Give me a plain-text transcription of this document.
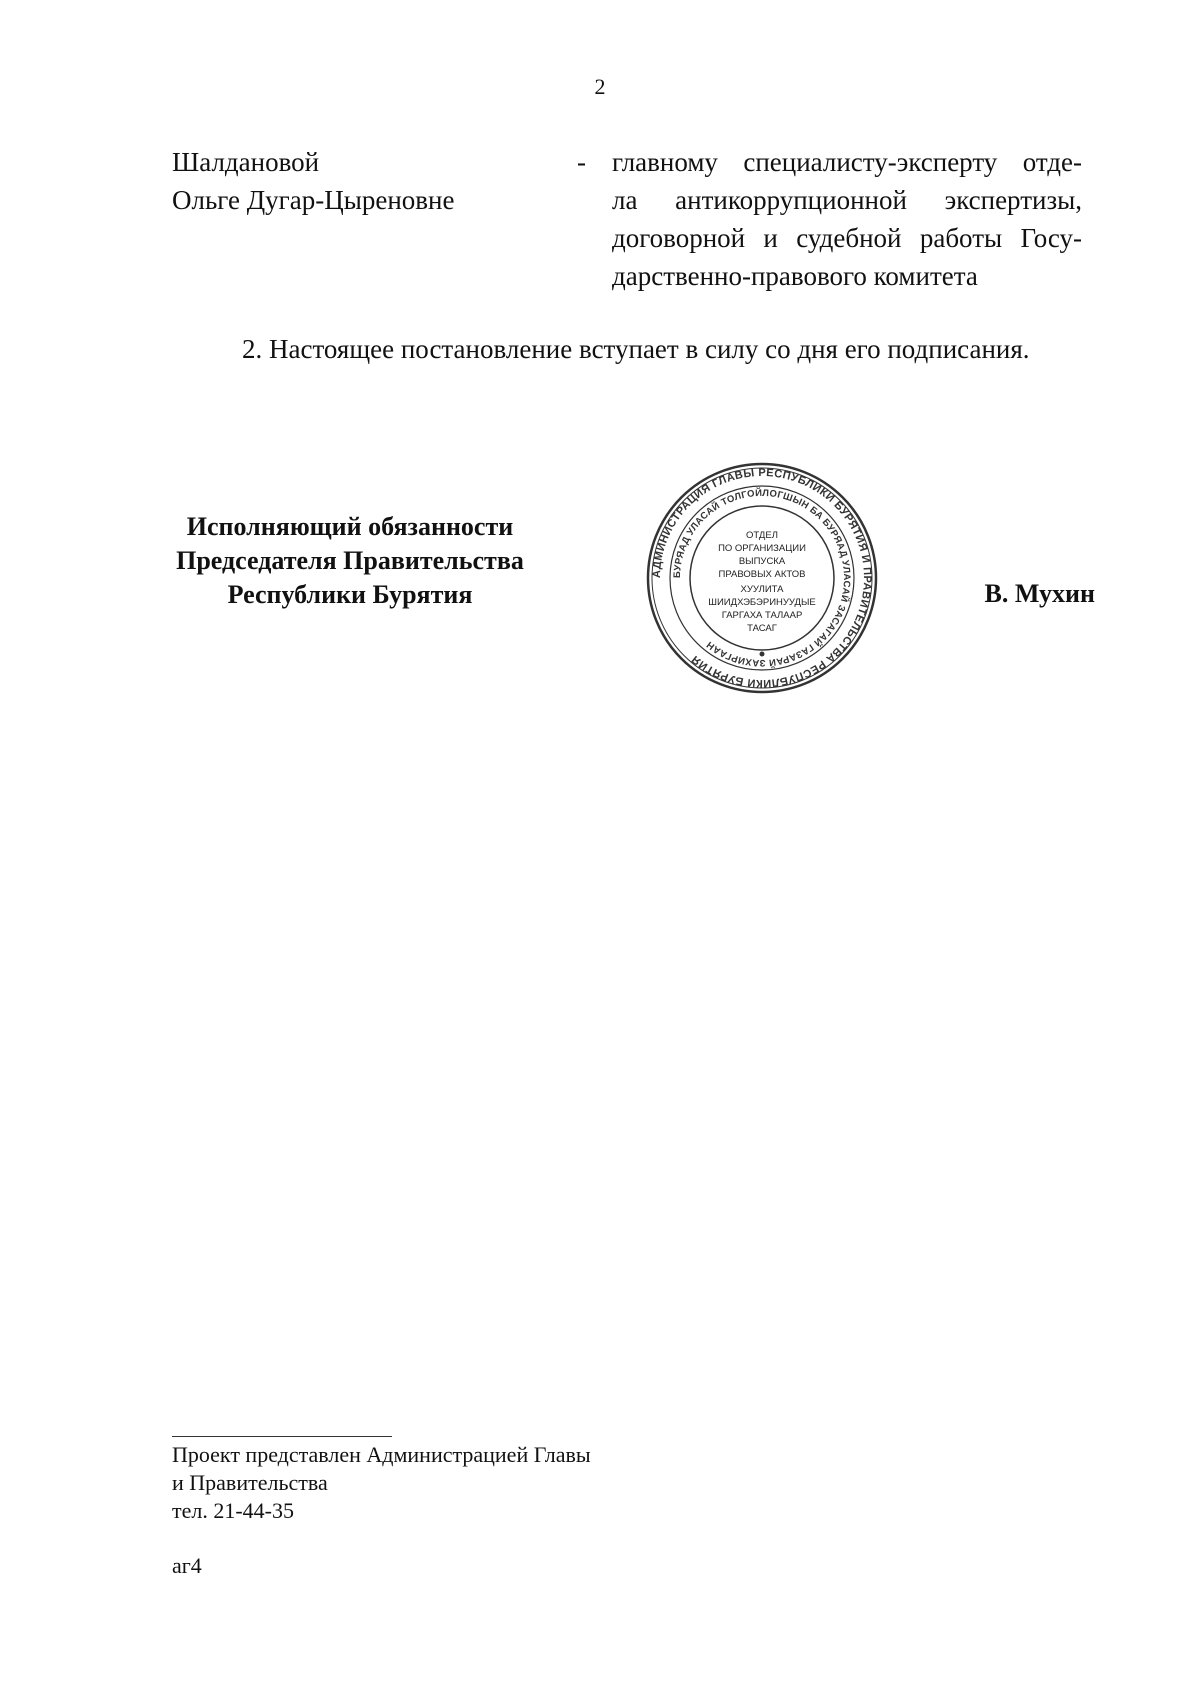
2
Шалдановой
Ольге Дугар-Цыреновне
- главному специалисту-эксперту отде-
ла антикоррупционной экспертизы,
договорной и судебной работы Госу-
дарственно-правового комитета
2. Настоящее постановление вступает в силу со дня его подписания.
Исполняющий обязанности
Председателя Правительства
Республики Бурятия
АДМИНИСТРАЦИЯ ГЛАВЫ РЕСПУБЛИКИ БУРЯТИЯ И ПРАВИТЕЛЬСТВА РЕСПУБЛИКИ БУРЯТИЯ
БУРЯАД УЛАСАЙ ТОЛГОЙЛОГШЫН БА БУРЯАД УЛАСАЙ ЗАСАГАЙ ГАЗАРАЙ ЗАХИРГААН
ОТДЕЛ
ПО ОРГАНИЗАЦИИ
ВЫПУСКА
ПРАВОВЫХ АКТОВ
ХУУЛИТА
ШИИДХЭБЭРИНУУДЫЕ
ГАРГАХА ТАЛААР
ТАСАГ
В. Мухин
Проект представлен Администрацией Главы
и Правительства
тел. 21-44-35
аг4
